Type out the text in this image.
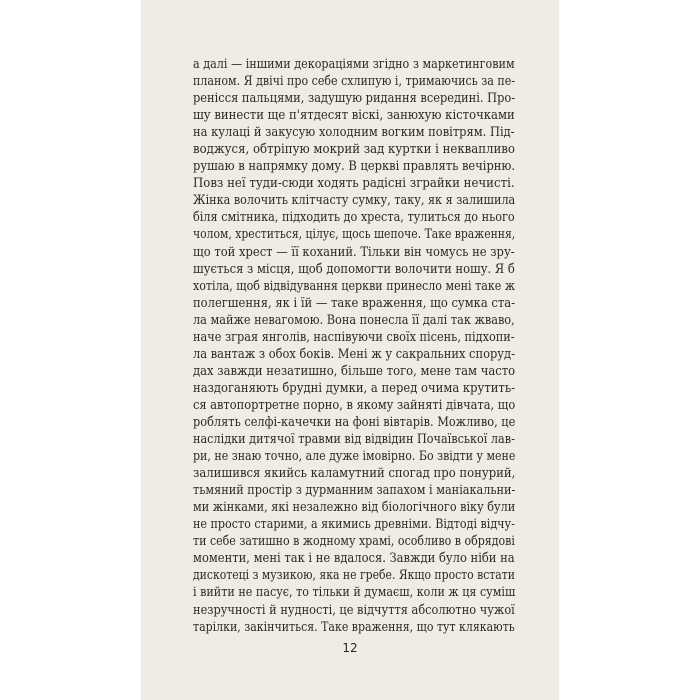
а далі — іншими декораціями згідно з маркетинговим
планом. Я двічі про себе схлипую і, тримаючись за пе-
ренісся пальцями, задушую ридання всередині. Про-
шу винести ще п'ятдесят віскі, занюхую кісточками
на кулаці й закусую холодним вогким повітрям. Під-
воджуся, обтріпую мокрий зад куртки і неквапливо
рушаю в напрямку дому. В церкві правлять вечірню.
Повз неї туди-сюди ходять радісні зграйки нечисті.
Жінка волочить клітчасту сумку, таку, як я залишила
біля смітника, підходить до хреста, тулиться до нього
чолом, хреститься, цілує, щось шепоче. Таке враження,
що той хрест — її коханий. Тільки він чомусь не зру-
шується з місця, щоб допомогти волочити ношу. Я б
хотіла, щоб відвідування церкви принесло мені таке ж
полегшення, як і їй — таке враження, що сумка ста-
ла майже невагомою. Вона понесла її далі так жваво,
наче зграя янголів, наспівуючи своїх пісень, підхопи-
ла вантаж з обох боків. Мені ж у сакральних споруд-
дах завжди незатишно, більше того, мене там часто
наздоганяють брудні думки, а перед очима крутить-
ся автопортретне порно, в якому зайняті дівчата, що
роблять селфі-качечки на фоні вівтарів. Можливо, це
наслідки дитячої травми від відвідин Почаївської лав-
ри, не знаю точно, але дуже імовірно. Бо звідти у мене
залишився якийсь каламутний спогад про понурий,
тьмяний простір з дурманним запахом і маніакальни-
ми жінками, які незалежно від біологічного віку були
не просто старими, а якимись древніми. Відтоді відчу-
ти себе затишно в жодному храмі, особливо в обрядові
моменти, мені так і не вдалося. Завжди було ніби на
дискотеці з музикою, яка не гребе. Якщо просто встати
і вийти не пасує, то тільки й думаєш, коли ж ця суміш
незручності й нудності, це відчуття абсолютно чужої
тарілки, закінчиться. Таке враження, що тут клякають
12
